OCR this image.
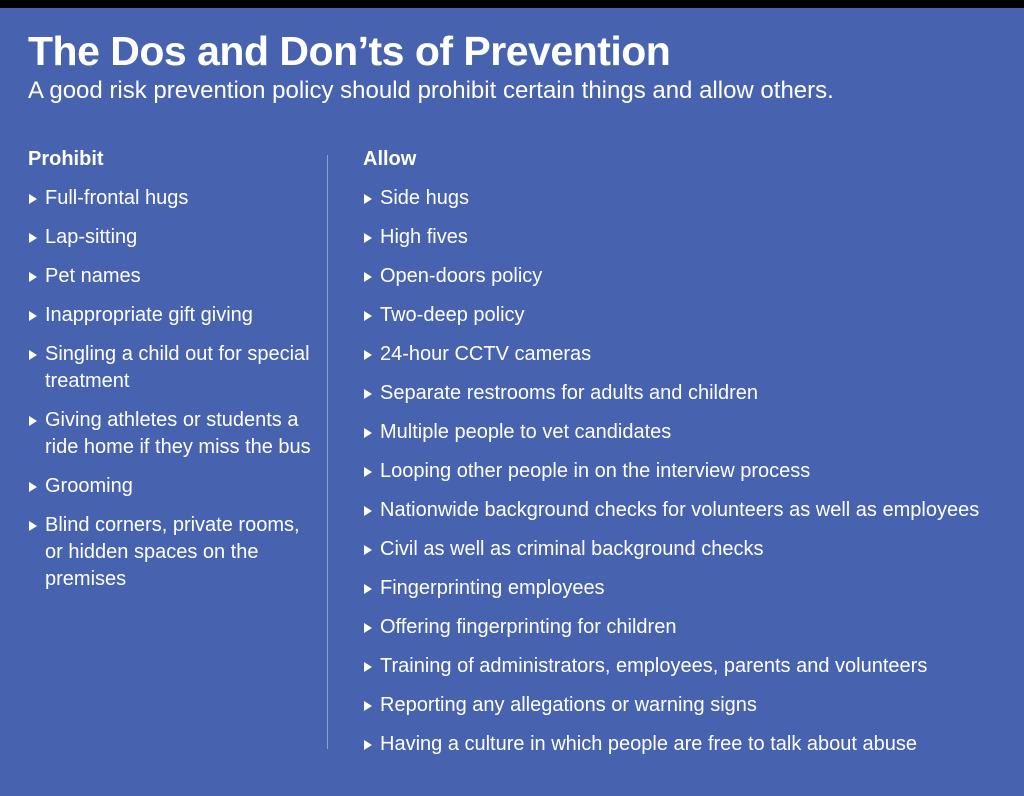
The Dos and Don’ts of Prevention

A good risk prevention policy should prohibit certain things and allow others.

Prohibit
Full-frontal hugs
Lap-sitting
Pet names
Inappropriate gift giving
Singling a child out for special treatment
Giving athletes or students a ride home if they miss the bus
Grooming
Blind corners, private rooms, or hidden spaces on the premises
Allow
Side hugs
High fives
Open-doors policy
Two-deep policy
24-hour CCTV cameras
Separate restrooms for adults and children
Multiple people to vet candidates
Looping other people in on the interview process
Nationwide background checks for volunteers as well as employees
Civil as well as criminal background checks
Fingerprinting employees
Offering fingerprinting for children
Training of administrators, employees, parents and volunteers
Reporting any allegations or warning signs
Having a culture in which people are free to talk about abuse
